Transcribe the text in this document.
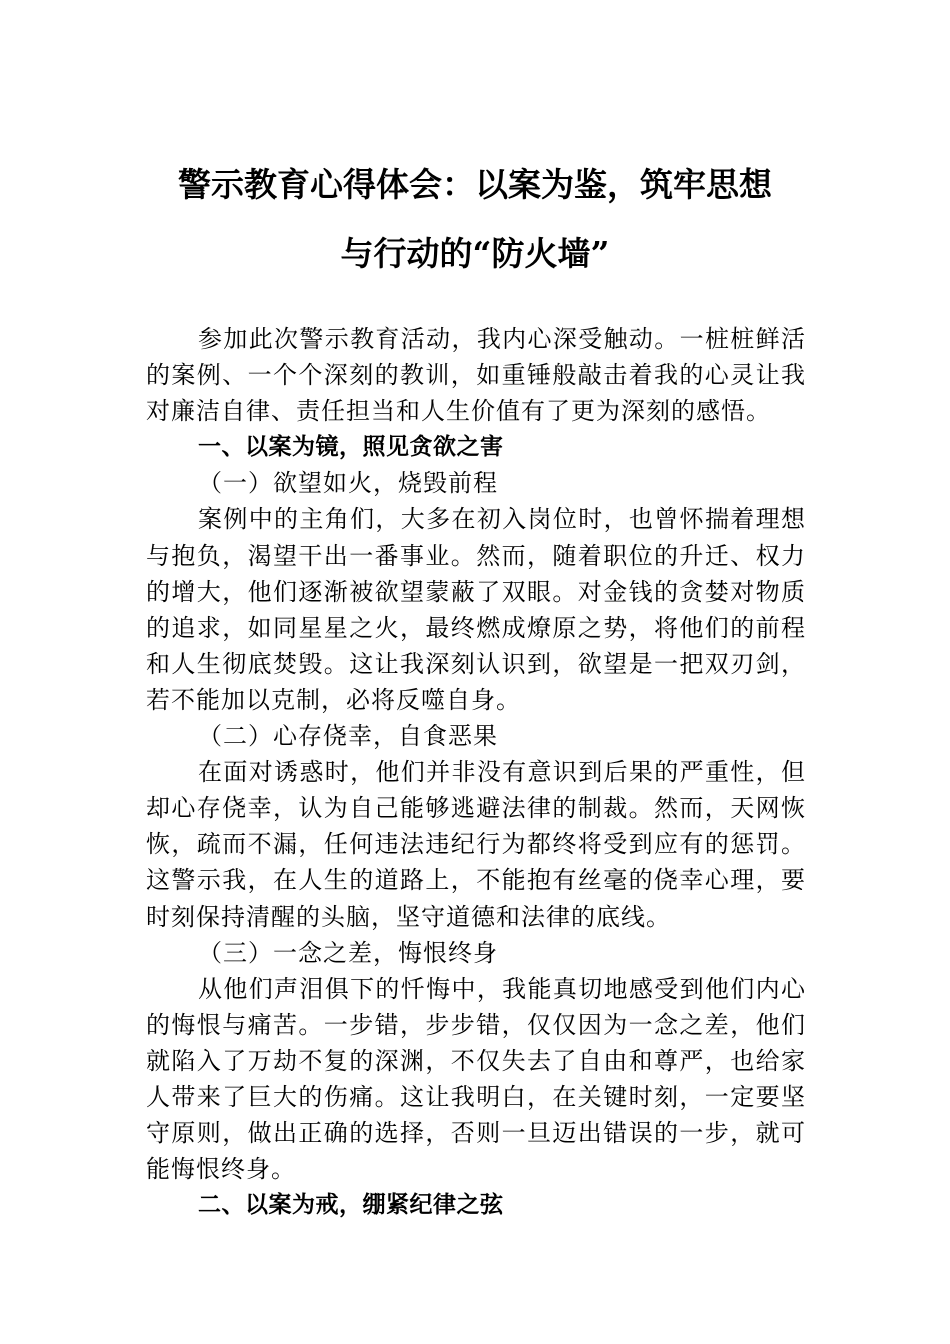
警示教育心得体会：以案为鉴，筑牢思想
与行动的“防火墙”

参加此次警示教育活动，我内心深受触动。一桩桩鲜活的案例、一个个深刻的教训，如重锤般敲击着我的心灵让我对廉洁自律、责任担当和人生价值有了更为深刻的感悟。

一、以案为镜，照见贪欲之害

（一）欲望如火，烧毁前程

案例中的主角们，大多在初入岗位时，也曾怀揣着理想与抱负，渴望干出一番事业。然而，随着职位的升迁、权力的增大，他们逐渐被欲望蒙蔽了双眼。对金钱的贪婪对物质的追求，如同星星之火，最终燃成燎原之势，将他们的前程和人生彻底焚毁。这让我深刻认识到，欲望是一把双刃剑，若不能加以克制，必将反噬自身。

（二）心存侥幸，自食恶果

在面对诱惑时，他们并非没有意识到后果的严重性，但却心存侥幸，认为自己能够逃避法律的制裁。然而，天网恢恢，疏而不漏，任何违法违纪行为都终将受到应有的惩罚。这警示我，在人生的道路上，不能抱有丝毫的侥幸心理，要时刻保持清醒的头脑，坚守道德和法律的底线。

（三）一念之差，悔恨终身

从他们声泪俱下的忏悔中，我能真切地感受到他们内心的悔恨与痛苦。一步错，步步错，仅仅因为一念之差，他们就陷入了万劫不复的深渊，不仅失去了自由和尊严，也给家人带来了巨大的伤痛。这让我明白，在关键时刻，一定要坚守原则，做出正确的选择，否则一旦迈出错误的一步，就可能悔恨终身。

二、以案为戒，绷紧纪律之弦
